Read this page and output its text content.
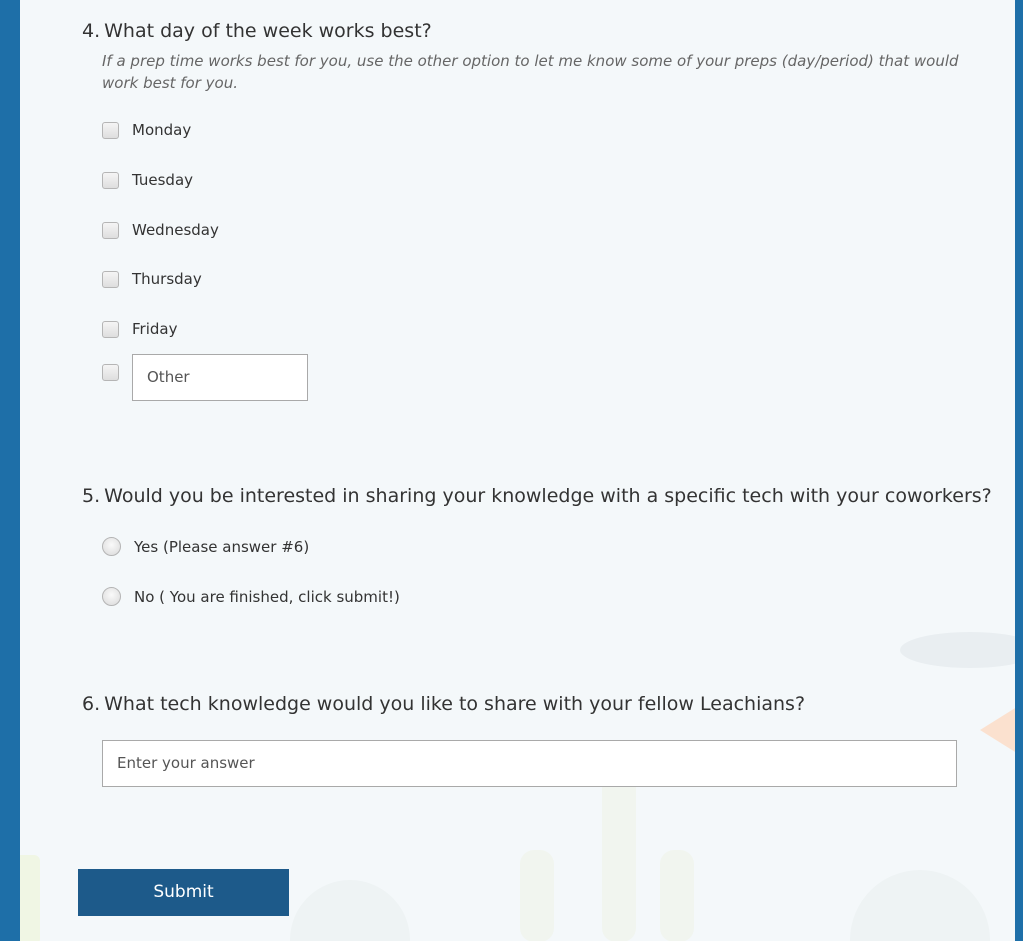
4. What day of the week works best?
If a prep time works best for you, use the other option to let me know some of your preps (day/period) that would work best for you.
Monday
Tuesday
Wednesday
Thursday
Friday
Other
5. Would you be interested in sharing your knowledge with a specific tech with your coworkers?
Yes (Please answer #6)
No ( You are finished, click submit!)
6. What tech knowledge would you like to share with your fellow Leachians?
Enter your answer
Submit
